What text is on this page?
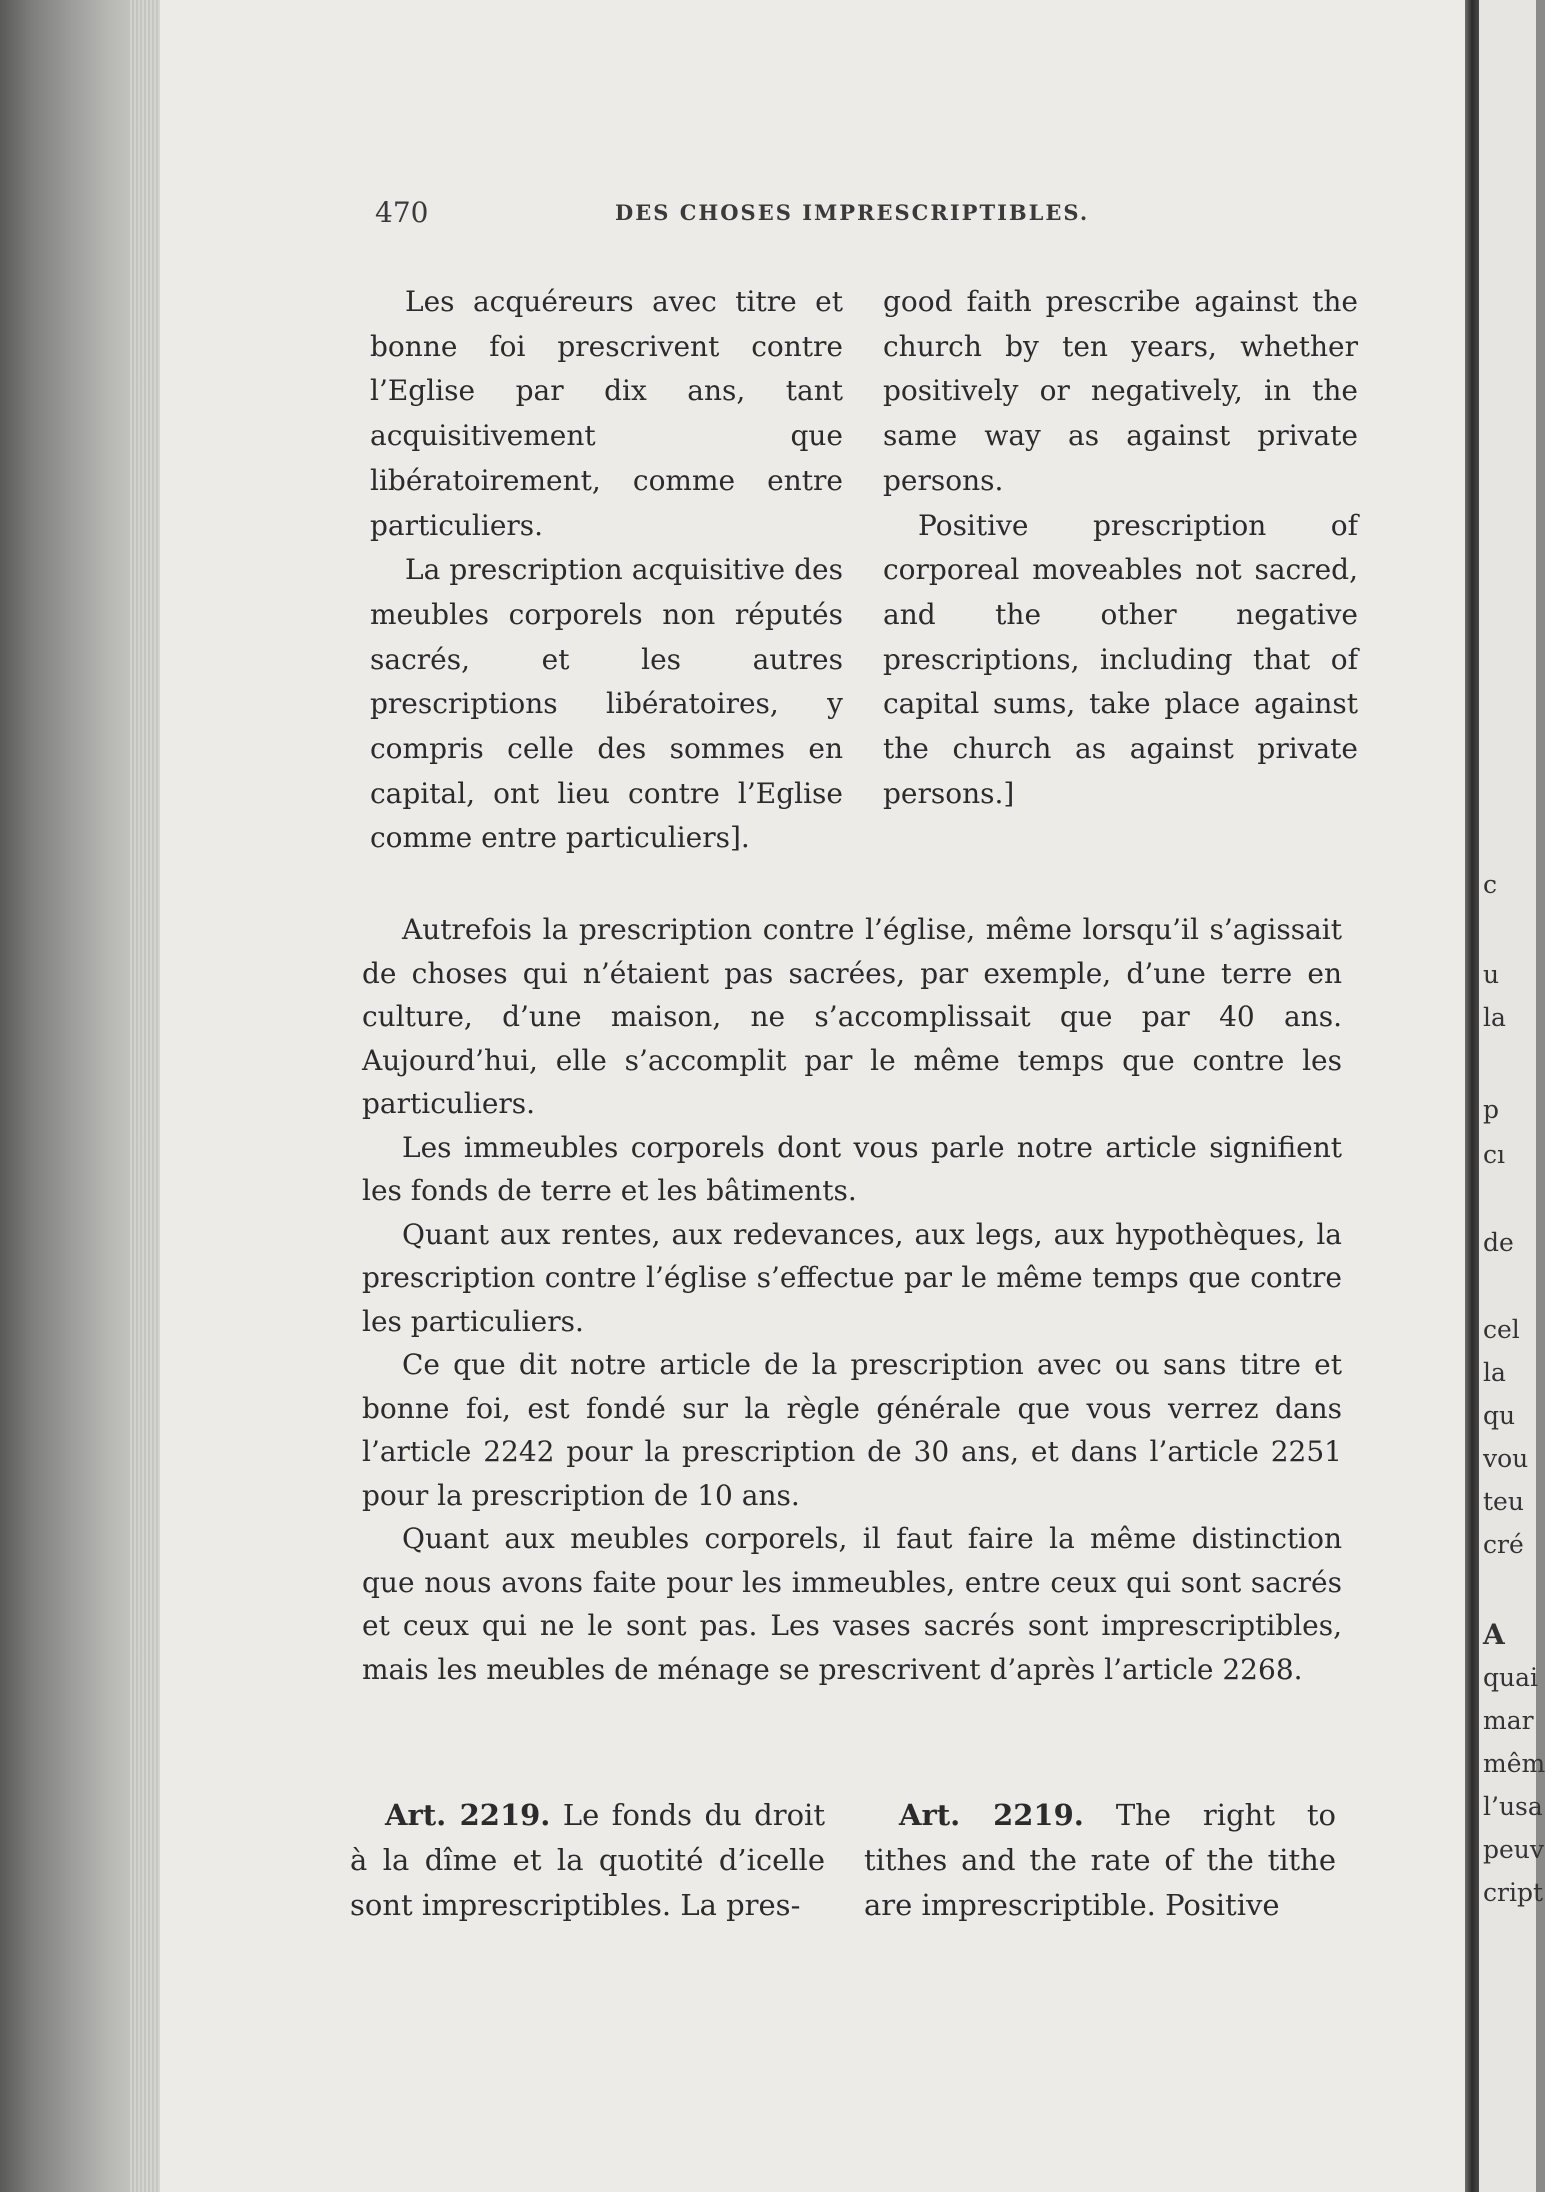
470	DES CHOSES IMPRESCRIPTIBLES.

Les acquéreurs avec titre et bonne foi prescrivent contre l’Eglise par dix ans, tant acquisitivement que libératoirement, comme entre particuliers.

La prescription acquisitive des meubles corporels non réputés sacrés, et les autres prescriptions libératoires, y compris celle des sommes en capital, ont lieu contre l’Eglise comme entre particuliers].

good faith prescribe against the church by ten years, whether positively or negatively, in the same way as against private persons.

Positive prescription of corporeal moveables not sacred, and the other negative prescriptions, including that of capital sums, take place against the church as against private persons.]

Autrefois la prescription contre l’église, même lorsqu’il s’agissait de choses qui n’étaient pas sacrées, par exemple, d’une terre en culture, d’une maison, ne s’accomplissait que par 40 ans. Aujourd’hui, elle s’accomplit par le même temps que contre les particuliers.

Les immeubles corporels dont vous parle notre article signifient les fonds de terre et les bâtiments.

Quant aux rentes, aux redevances, aux legs, aux hypothèques, la prescription contre l’église s’effectue par le même temps que contre les particuliers.

Ce que dit notre article de la prescription avec ou sans titre et bonne foi, est fondé sur la règle générale que vous verrez dans l’article 2242 pour la prescription de 30 ans, et dans l’article 2251 pour la prescription de 10 ans.

Quant aux meubles corporels, il faut faire la même distinction que nous avons faite pour les immeubles, entre ceux qui sont sacrés et ceux qui ne le sont pas. Les vases sacrés sont imprescriptibles, mais les meubles de ménage se prescrivent d’après l’article 2268.

Art. 2219. Le fonds du droit à la dîme et la quotité d’icelle sont imprescriptibles. La pres-

Art. 2219. The right to tithes and the rate of the tithe are imprescriptible. Positive

c
u
la
p
cı
de
cel
la
qu
vou
teu
cré
A
quai
mar
mêm
l’usa
peuv
cript
